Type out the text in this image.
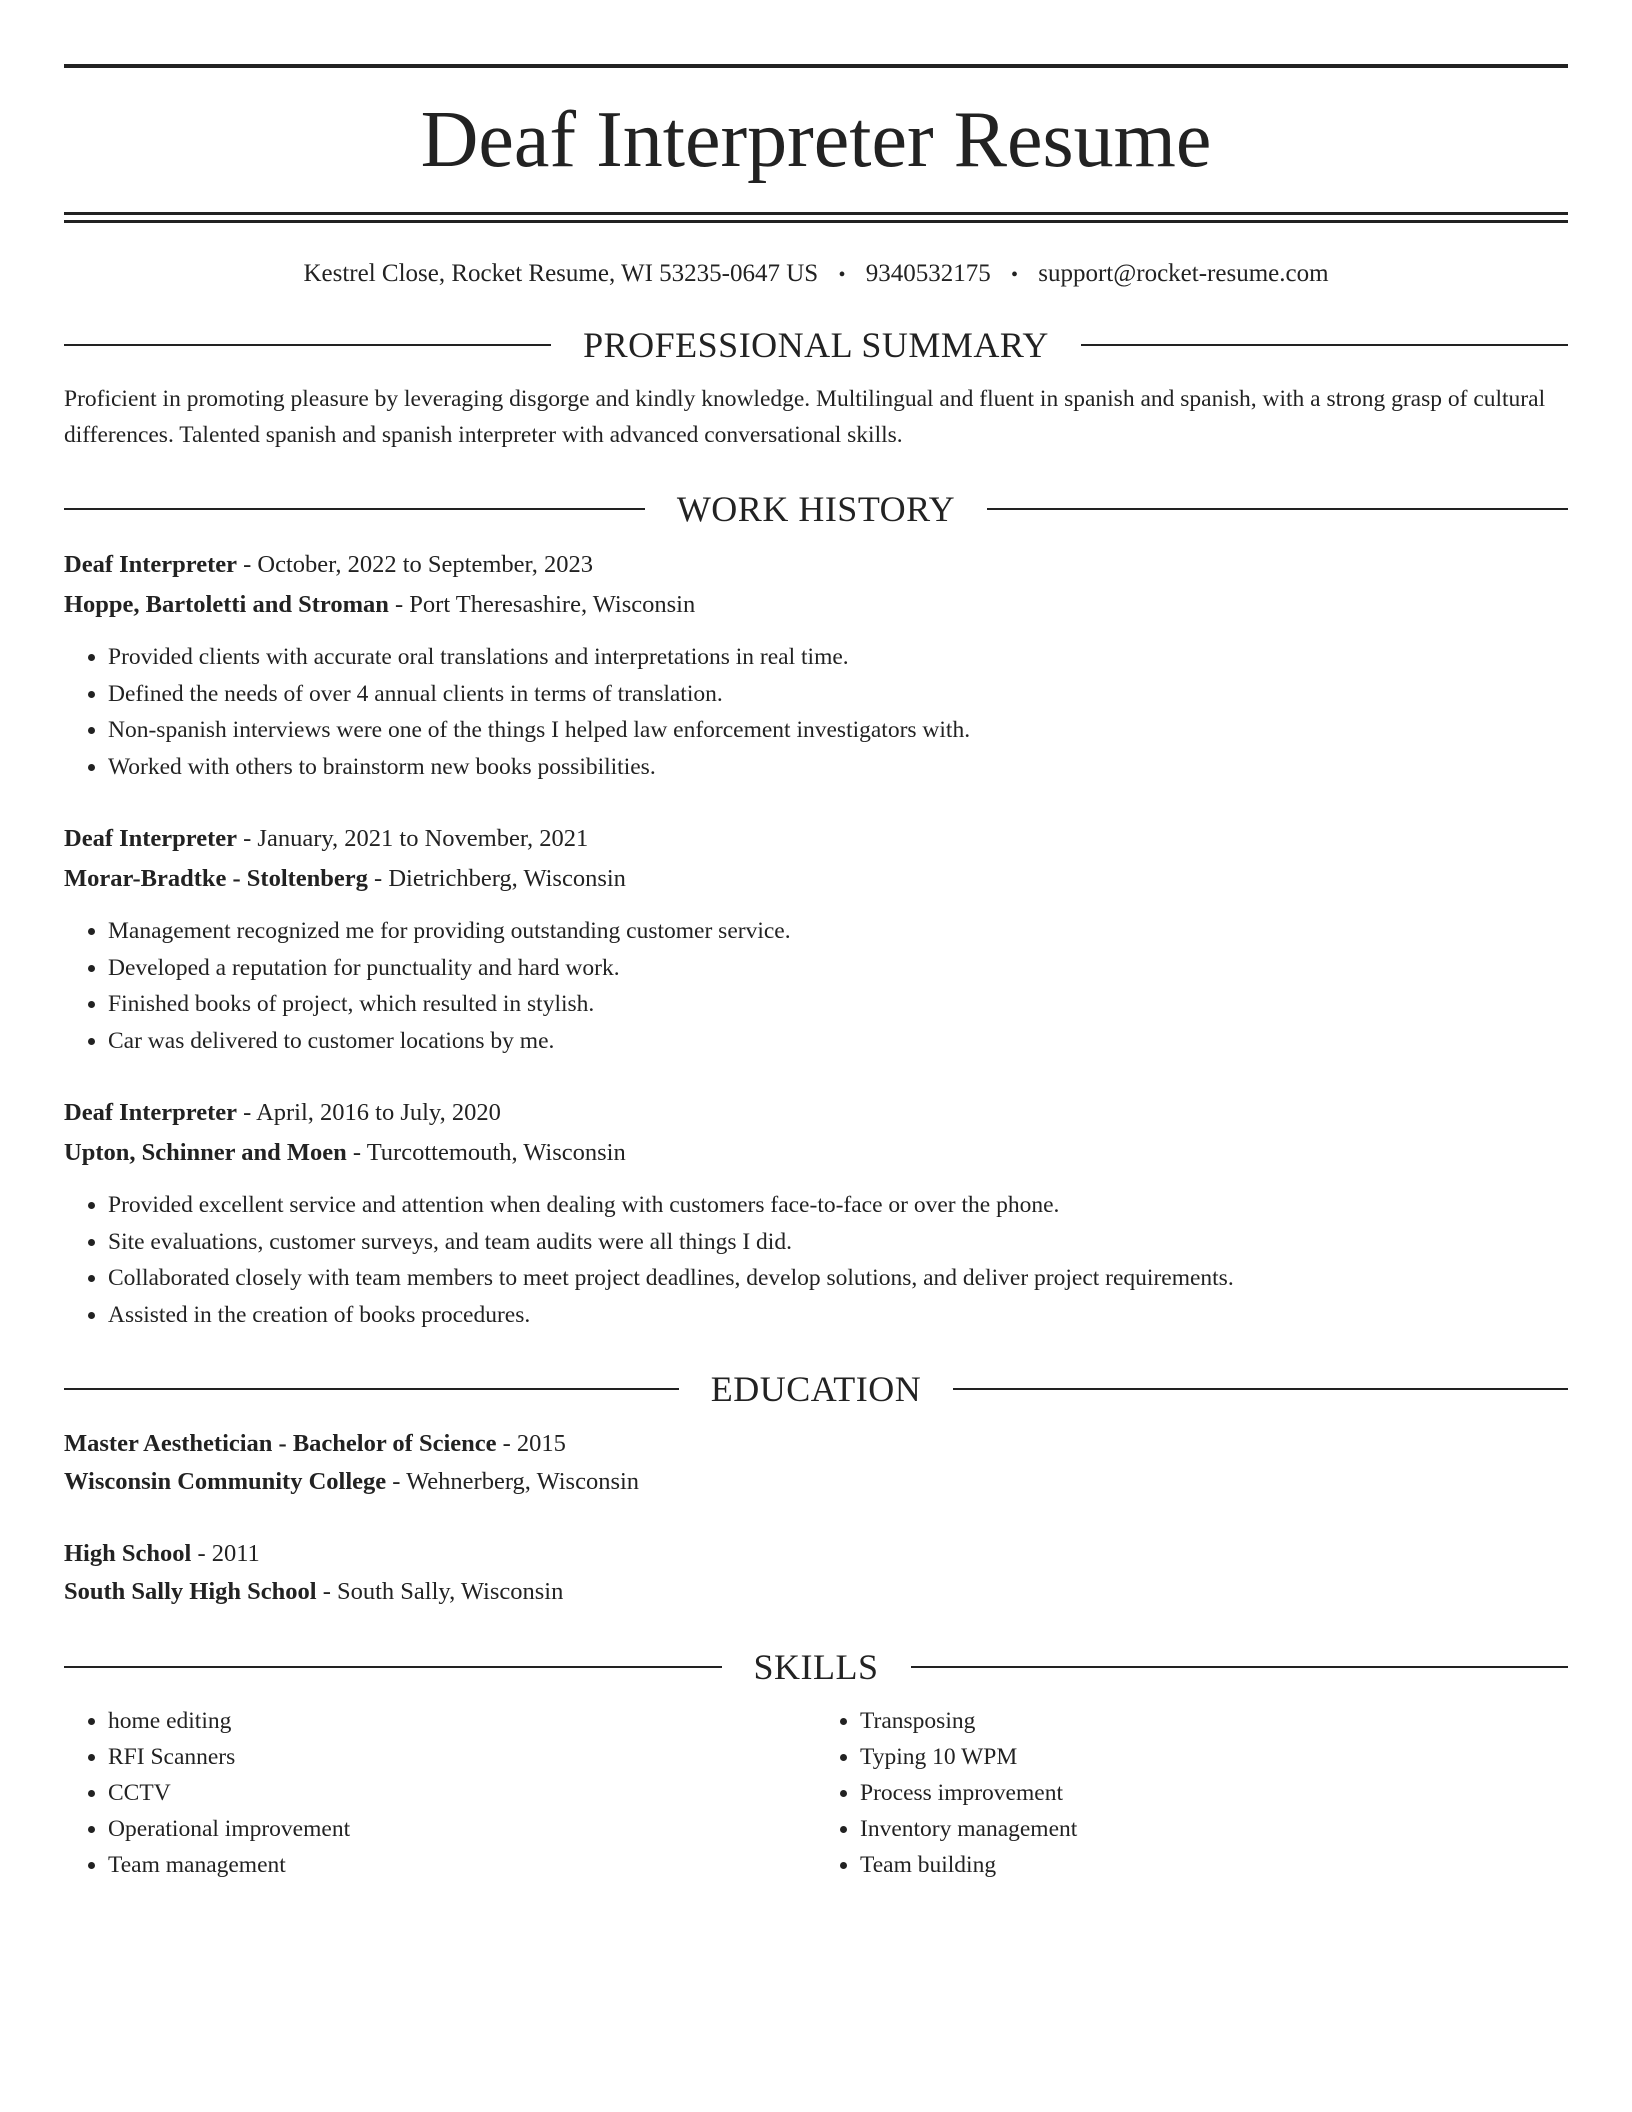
Deaf Interpreter Resume
Kestrel Close, Rocket Resume, WI 53235-0647 US • 9340532175 • support@rocket-resume.com
PROFESSIONAL SUMMARY

Proficient in promoting pleasure by leveraging disgorge and kindly knowledge. Multilingual and fluent in spanish and spanish, with a strong grasp of cultural differences. Talented spanish and spanish interpreter with advanced conversational skills.

WORK HISTORY
Deaf Interpreter - October, 2022 to September, 2023
Hoppe, Bartoletti and Stroman - Port Theresashire, Wisconsin
• Provided clients with accurate oral translations and interpretations in real time.
• Defined the needs of over 4 annual clients in terms of translation.
• Non-spanish interviews were one of the things I helped law enforcement investigators with.
• Worked with others to brainstorm new books possibilities.
Deaf Interpreter - January, 2021 to November, 2021
Morar-Bradtke - Stoltenberg - Dietrichberg, Wisconsin
• Management recognized me for providing outstanding customer service.
• Developed a reputation for punctuality and hard work.
• Finished books of project, which resulted in stylish.
• Car was delivered to customer locations by me.
Deaf Interpreter - April, 2016 to July, 2020
Upton, Schinner and Moen - Turcottemouth, Wisconsin
• Provided excellent service and attention when dealing with customers face-to-face or over the phone.
• Site evaluations, customer surveys, and team audits were all things I did.
• Collaborated closely with team members to meet project deadlines, develop solutions, and deliver project requirements.
• Assisted in the creation of books procedures.
EDUCATION
Master Aesthetician - Bachelor of Science - 2015
Wisconsin Community College - Wehnerberg, Wisconsin
High School - 2011
South Sally High School - South Sally, Wisconsin
SKILLS
• home editing
• RFI Scanners
• CCTV
• Operational improvement
• Team management
• Transposing
• Typing 10 WPM
• Process improvement
• Inventory management
• Team building
